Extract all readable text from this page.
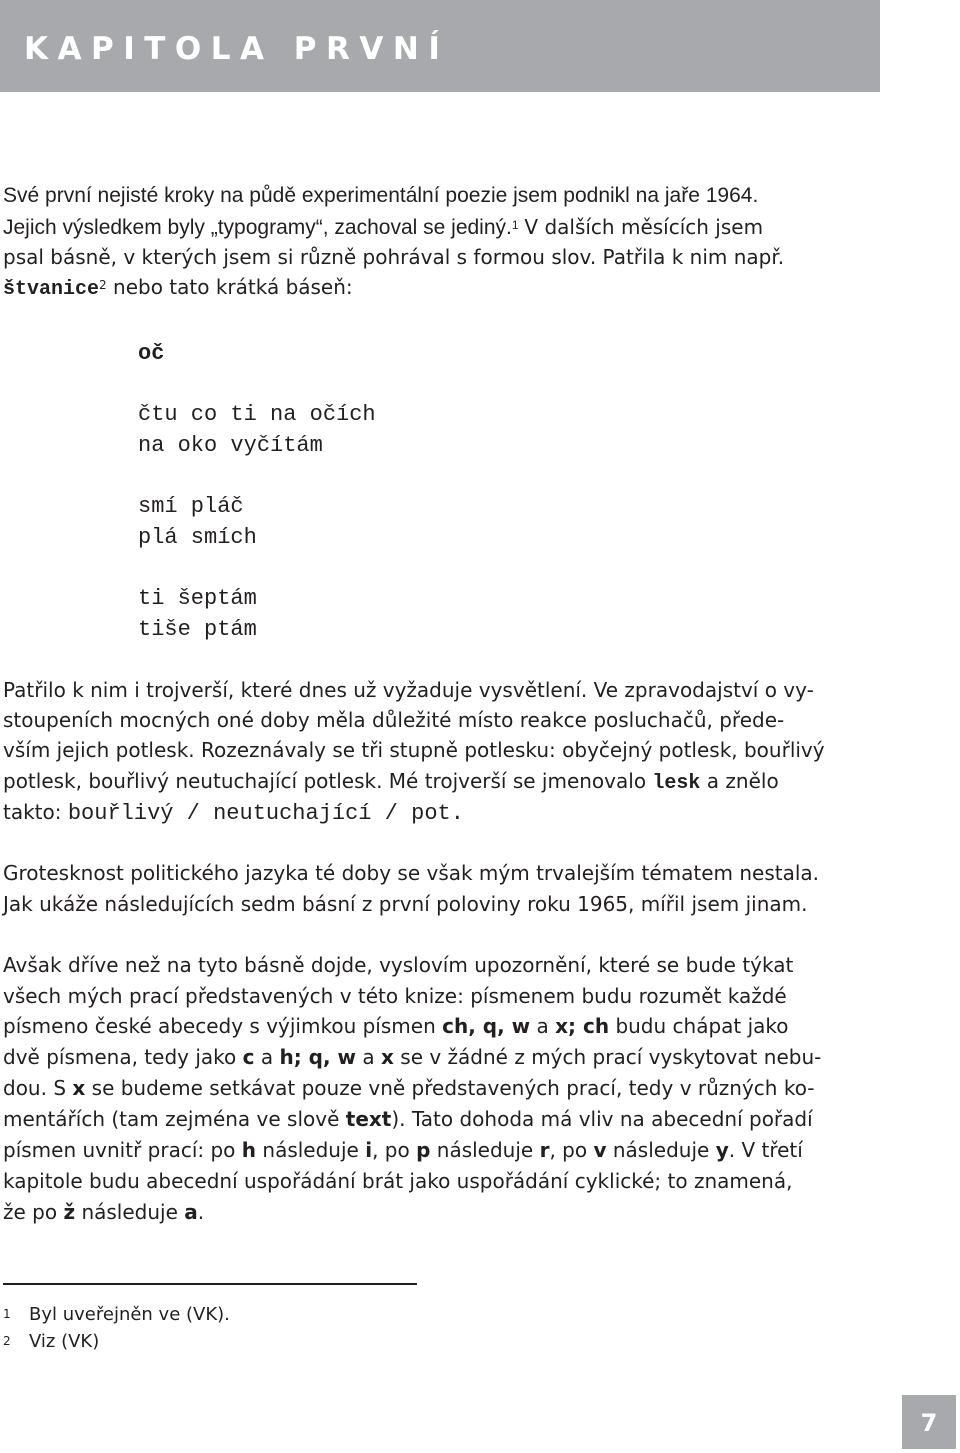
KAPITOLA PRVNÍ
Své první nejisté kroky na půdě experimentální poezie jsem podnikl na jaře 1964.
Jejich výsledkem byly „typogramy“, zachoval se jediný.$^1$ V dalších měsících jsem
psal básně, v kterých jsem si různě pohrával s formou slov. Patřila k nim např.
štvanice$^2$ nebo tato krátká báseň:
oč
čtu co ti na očích
na oko vyčítám
smí pláč
plá smích
ti šeptám
tiše ptám
Patřilo k nim i trojverší, které dnes už vyžaduje vysvětlení. Ve zpravodajství o vy-
stoupeních mocných oné doby měla důležité místo reakce posluchačů, přede-
vším jejich potlesk. Rozeznávaly se tři stupně potlesku: obyčejný potlesk, bouřlivý
potlesk, bouřlivý neutuchající potlesk. Mé trojverší se jmenovalo lesk a znělo
takto: bouřlivý / neutuchající / pot.
Grotesknost politického jazyka té doby se však mým trvalejším tématem nestala.
Jak ukáže následujících sedm básní z první poloviny roku 1965, mířil jsem jinam.
Avšak dříve než na tyto básně dojde, vyslovím upozornění, které se bude týkat
všech mých prací představených v této knize: písmenem budu rozumět každé
písmeno české abecedy s výjimkou písmen ch, q, w a x; ch budu chápat jako
dvě písmena, tedy jako c a h; q, w a x se v žádné z mých prací vyskytovat nebu-
dou. S x se budeme setkávat pouze vně představených prací, tedy v různých ko-
mentářích (tam zejména ve slově text). Tato dohoda má vliv na abecední pořadí
písmen uvnitř prací: po h následuje i, po p následuje r, po v následuje y. V třetí
kapitole budu abecední uspořádání brát jako uspořádání cyklické; to znamená,
že po ž následuje a.
1 Byl uveřejněn ve (VK).
2 Viz (VK)
7
